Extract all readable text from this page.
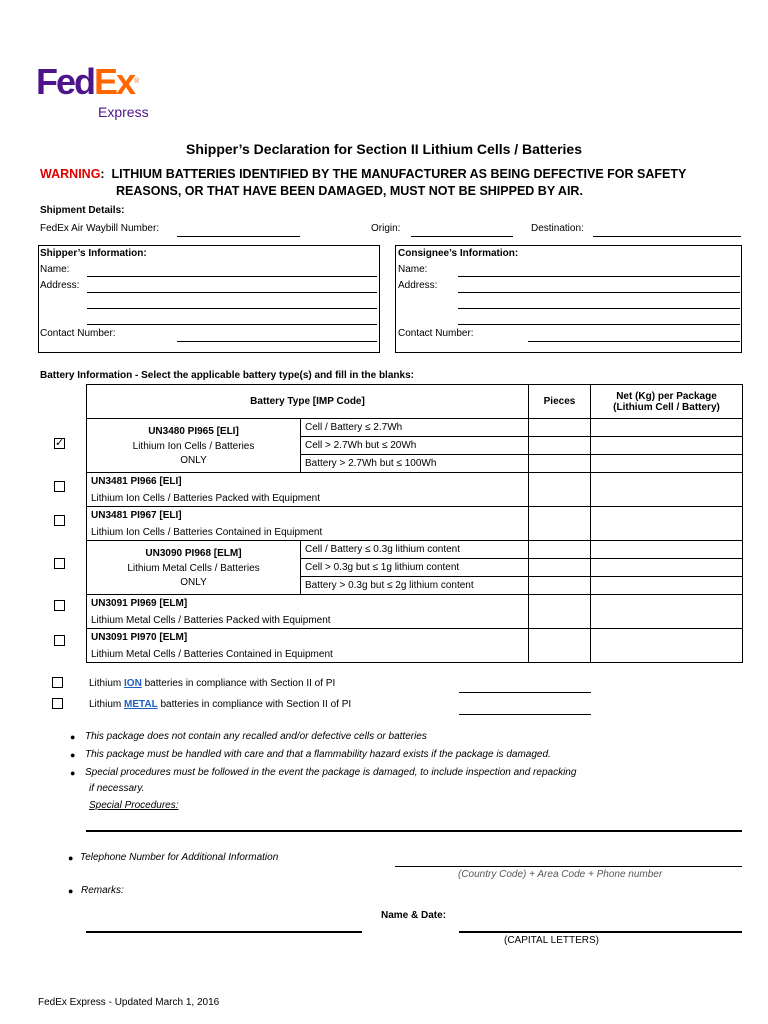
FedEx®
Express
Shipper’s Declaration for Section II Lithium Cells / Batteries
WARNING:  LITHIUM BATTERIES IDENTIFIED BY THE MANUFACTURER AS BEING DEFECTIVE FOR SAFETY
REASONS, OR THAT HAVE BEEN DAMAGED, MUST NOT BE SHIPPED BY AIR.
Shipment Details:
FedEx Air Waybill Number:	Origin:	Destination:
Shipper’s Information:
Name:
Address:
Contact Number:
Consignee’s Information:
Name:
Address:
Contact Number:
Battery Information - Select the applicable battery type(s) and fill in the blanks:
Battery Type [IMP Code]		Pieces	Net (Kg) per Package
(Lithium Cell / Battery)

UN3480 PI965 [ELI]
Lithium Ion Cells / Batteries
ONLY	Cell / Battery ≤ 2.7Wh		
	Cell > 2.7Wh but ≤ 20Wh		
	Battery > 2.7Wh but ≤ 100Wh		

UN3481 PI966 [ELI]
Lithium Ion Cells / Batteries Packed with Equipment			

UN3481 PI967 [ELI]
Lithium Ion Cells / Batteries Contained in Equipment			

UN3090 PI968 [ELM]
Lithium Metal Cells / Batteries
ONLY	Cell / Battery ≤ 0.3g lithium content		
	Cell > 0.3g but ≤ 1g lithium content		
	Battery > 0.3g but ≤ 2g lithium content		

UN3091 PI969 [ELM]
Lithium Metal Cells / Batteries Packed with Equipment			

UN3091 PI970 [ELM]
Lithium Metal Cells / Batteries Contained in Equipment			

✓
Lithium ION batteries in compliance with Section II of PI
Lithium METAL batteries in compliance with Section II of PI
● This package does not contain any recalled and/or defective cells or batteries
● This package must be handled with care and that a flammability hazard exists if the package is damaged.
● Special procedures must be followed in the event the package is damaged, to include inspection and repacking
if necessary.
Special Procedures:
● Telephone Number for Additional Information
(Country Code) + Area Code + Phone number
● Remarks:
Name & Date:
(CAPITAL LETTERS)
FedEx Express - Updated March 1, 2016
